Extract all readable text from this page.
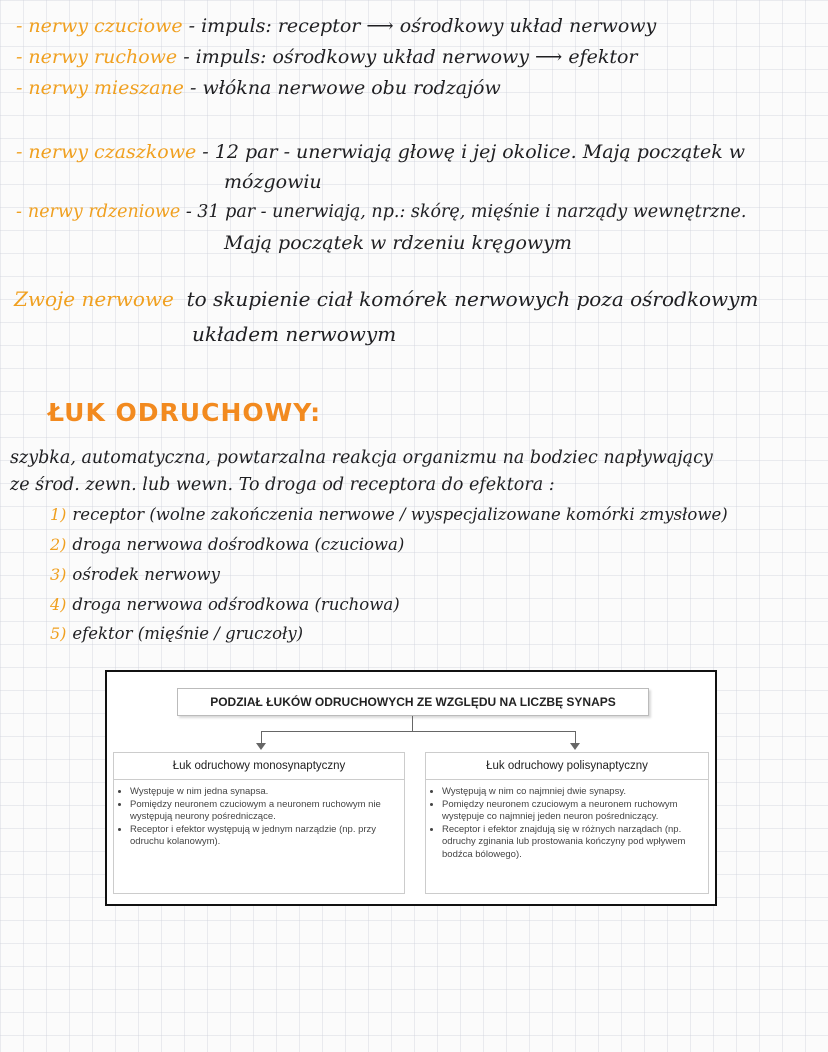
- nerwy czuciowe - impuls: receptor ⟶ ośrodkowy układ nerwowy
- nerwy ruchowe - impuls: ośrodkowy układ nerwowy ⟶ efektor
- nerwy mieszane - włókna nerwowe obu rodzajów
- nerwy czaszkowe - 12 par - unerwiają głowę i jej okolice. Mają początek w
mózgowiu
- nerwy rdzeniowe - 31 par - unerwiają, np.: skórę, mięśnie i narządy wewnętrzne.
Mają początek w rdzeniu kręgowym
Zwoje nerwowe to skupienie ciał komórek nerwowych poza ośrodkowym
układem nerwowym
ŁUK ODRUCHOWY:
szybka, automatyczna, powtarzalna reakcja organizmu na bodziec napływający
ze środ. zewn. lub wewn. To droga od receptora do efektora :
1) receptor (wolne zakończenia nerwowe / wyspecjalizowane komórki zmysłowe)
2) droga nerwowa dośrodkowa (czuciowa)
3) ośrodek nerwowy
4) droga nerwowa odśrodkowa (ruchowa)
5) efektor (mięśnie / gruczoły)
PODZIAŁ ŁUKÓW ODRUCHOWYCH ZE WZGLĘDU NA LICZBĘ SYNAPS
Łuk odruchowy monosynaptyczny
• Występuje w nim jedna synapsa.
• Pomiędzy neuronem czuciowym a neuronem ruchowym nie występują neurony pośredniczące.
• Receptor i efektor występują w jednym narządzie (np. przy odruchu kolanowym).
Łuk odruchowy polisynaptyczny
• Występują w nim co najmniej dwie synapsy.
• Pomiędzy neuronem czuciowym a neuronem ruchowym występuje co najmniej jeden neuron pośredniczący.
• Receptor i efektor znajdują się w różnych narządach (np. odruchy zginania lub prostowania kończyny pod wpływem bodźca bólowego).
